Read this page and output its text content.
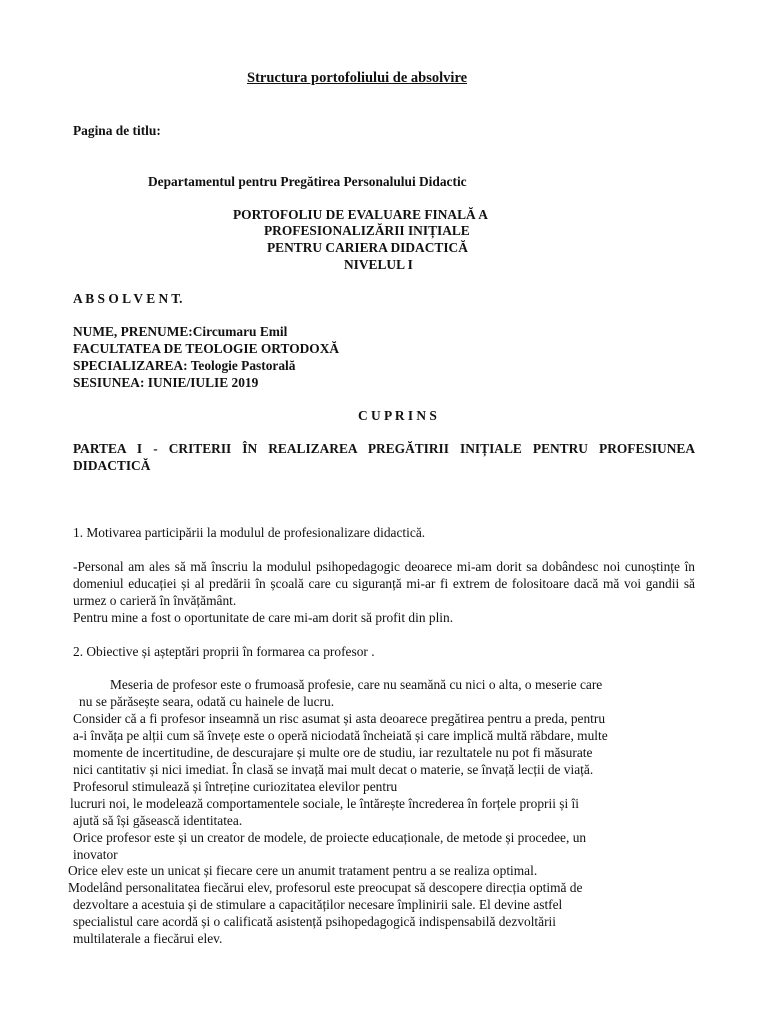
Structura portofoliului de absolvire
Pagina de titlu:
Departamentul pentru Pregătirea Personalului Didactic
PORTOFOLIU DE EVALUARE FINALĂ A
PROFESIONALIZĂRII INIȚIALE
PENTRU CARIERA DIDACTICĂ
NIVELUL I
A B S O L V E N T.
NUME, PRENUME:Circumaru Emil
FACULTATEA DE TEOLOGIE ORTODOXĂ
SPECIALIZAREA: Teologie Pastorală
SESIUNEA: IUNIE/IULIE 2019
C U P R I N S
PARTEA I - CRITERII ÎN REALIZAREA PREGĂTIRII INIȚIALE PENTRU PROFESIUNEA DIDACTICĂ
1. Motivarea participării la modulul de profesionalizare didactică.
-Personal am ales să mă înscriu la modulul psihopedagogic deoarece mi-am dorit sa dobândesc noi cunoștințe în domeniul educației și al predării în școală care cu siguranță mi-ar fi extrem de folositoare dacă mă voi gandii să urmez o carieră în învățământ.
Pentru mine a fost o oportunitate de care mi-am dorit să profit din plin.
2. Obiective și așteptări proprii în formarea ca profesor .
Meseria de profesor este o frumoasă profesie, care nu seamănă cu nici o alta, o meserie care
nu se părăsește seara, odată cu hainele de lucru.
Consider că a fi profesor inseamnă un risc asumat și asta deoarece pregătirea pentru a preda, pentru
a-i învăța pe alții cum să învețe este o operă niciodată încheiată și care implică multă răbdare, multe
momente de incertitudine, de descurajare și multe ore de studiu, iar rezultatele nu pot fi măsurate
nici cantitativ și nici imediat. În clasă se invață mai mult decat o materie, se învață lecții de viață.
Profesorul stimulează și întreține curiozitatea elevilor pentru
lucruri noi, le modelează comportamentele sociale, le întărește încrederea în forțele proprii și îi
ajută să își găsească identitatea.
Orice profesor este și un creator de modele, de proiecte educaționale, de metode și procedee, un
inovator
Orice elev este un unicat și fiecare cere un anumit tratament pentru a se realiza optimal.
Modelând personalitatea fiecărui elev, profesorul este preocupat să descopere direcția optimă de
dezvoltare a acestuia și de stimulare a capacităților necesare împlinirii sale. El devine astfel
specialistul care acordă și o calificată asistență psihopedagogică indispensabilă dezvoltării
multilaterale a fiecărui elev.
